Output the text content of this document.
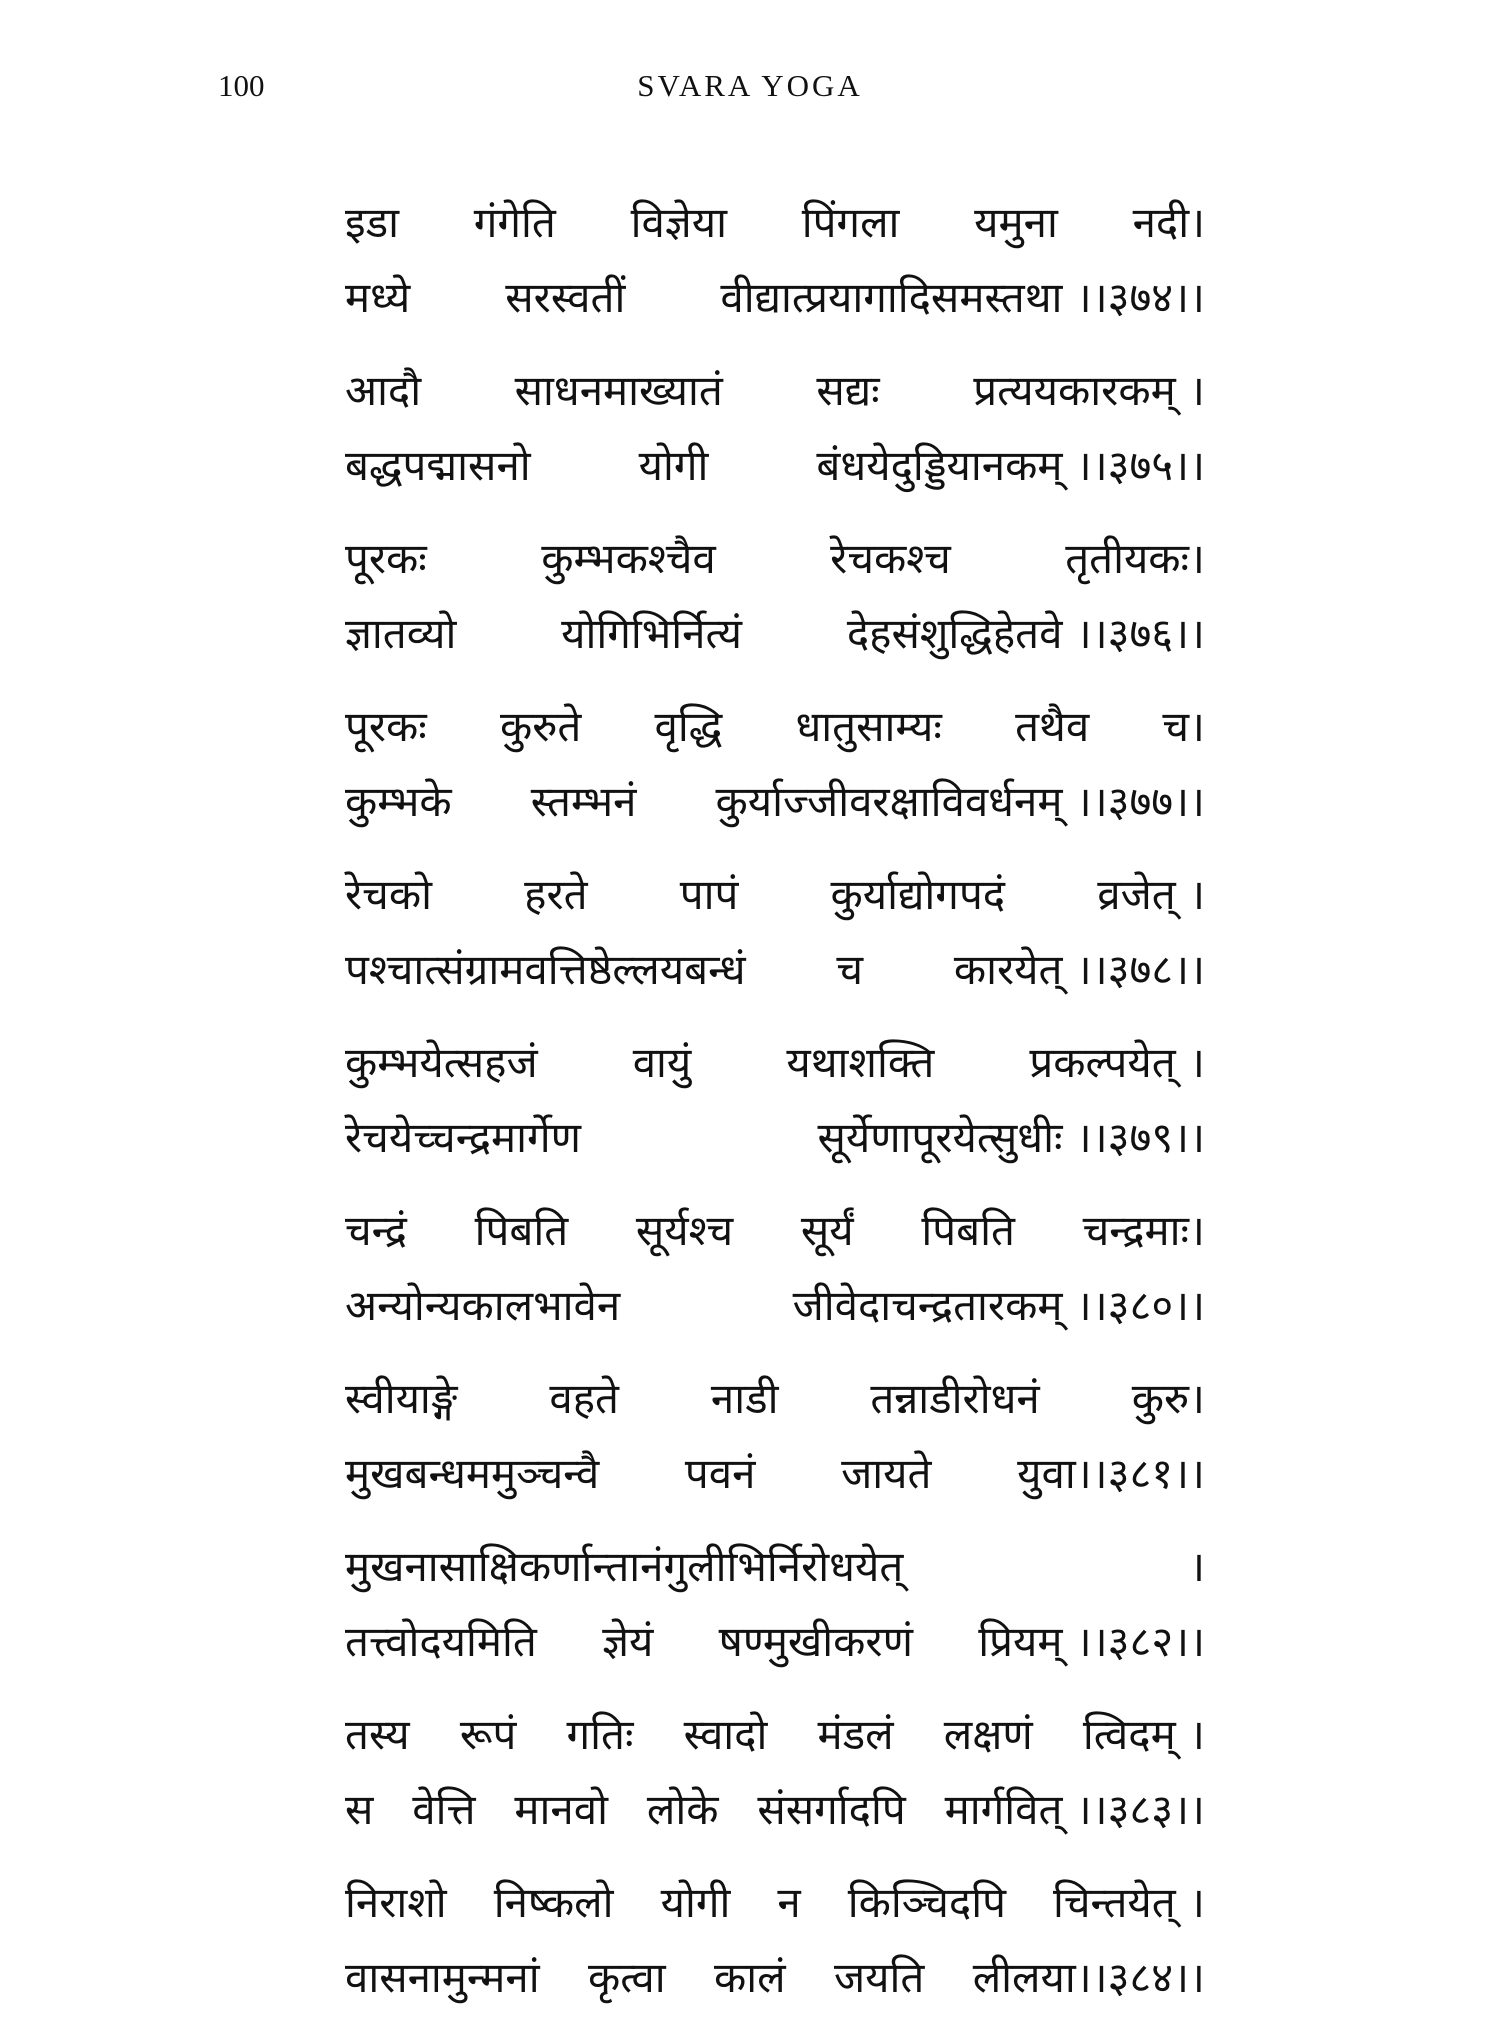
100	SVARA YOGA
इडा गंगेति विज्ञेया पिंगला यमुना नदी।
मध्ये सरस्वतीं वीद्यात्प्रयागादिसमस्तथा ।।३७४।।
आदौ साधनमाख्यातं सद्यः प्रत्ययकारकम् ।
बद्धपद्मासनो	योगी	बंधयेदुड्डियानकम् ।।३७५।।
पूरकः	कुम्भकश्चैव	रेचकश्च	तृतीयकः।
ज्ञातव्यो योगिभिर्नित्यं देहसंशुद्धिहेतवे ।।३७६।।
पूरकः कुरुते वृद्धि धातुसाम्यः तथैव च।
कुम्भके स्तम्भनं कुर्याज्जीवरक्षाविवर्धनम् ।।३७७।।
रेचको हरते पापं कुर्याद्योगपदं व्रजेत् ।
पश्चात्संग्रामवत्तिष्ठेल्लयबन्धं च कारयेत् ।।३७८।।
कुम्भयेत्सहजं वायुं यथाशक्ति प्रकल्पयेत् ।
रेचयेच्चन्द्रमार्गेण	सूर्येणापूरयेत्सुधीः ।।३७९।।
चन्द्रं पिबति सूर्यश्च सूर्यं पिबति चन्द्रमाः।
अन्योन्यकालभावेन	जीवेदाचन्द्रतारकम् ।।३८०।।
स्वीयाङ्गे वहते नाडी तन्नाडीरोधनं कुरु।
मुखबन्धममुञ्चन्वै पवनं जायते युवा।।३८१।।
मुखनासाक्षिकर्णान्तानंगुलीभिर्निरोधयेत्	।
तत्त्वोदयमिति ज्ञेयं षण्मुखीकरणं प्रियम् ।।३८२।।
तस्य रूपं गतिः स्वादो मंडलं लक्षणं त्विदम् ।
स वेत्ति मानवो लोके संसर्गादपि मार्गवित् ।।३८३।।
निराशो निष्कलो योगी न किञ्चिदपि चिन्तयेत् ।
वासनामुन्मनां कृत्वा कालं जयति लीलया।।३८४।।
